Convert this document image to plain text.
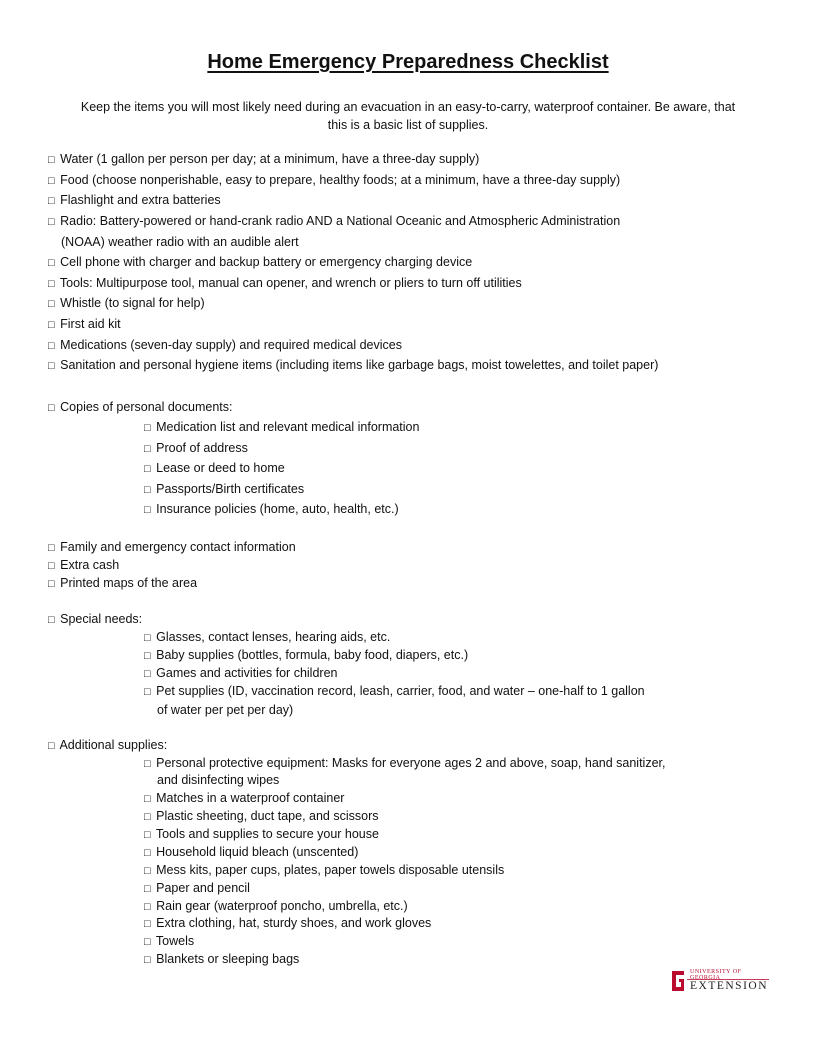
Home Emergency Preparedness Checklist
Keep the items you will most likely need during an evacuation in an easy-to-carry, waterproof container. Be aware, that
this is a basic list of supplies.
□ Water (1 gallon per person per day; at a minimum, have a three-day supply)
□ Food (choose nonperishable, easy to prepare, healthy foods; at a minimum, have a three-day supply)
□ Flashlight and extra batteries
□ Radio: Battery-powered or hand-crank radio AND a National Oceanic and Atmospheric Administration
(NOAA) weather radio with an audible alert
□ Cell phone with charger and backup battery or emergency charging device
□ Tools: Multipurpose tool, manual can opener, and wrench or pliers to turn off utilities
□ Whistle (to signal for help)
□ First aid kit
□ Medications (seven-day supply) and required medical devices
□ Sanitation and personal hygiene items (including items like garbage bags, moist towelettes, and toilet paper)
□ Copies of personal documents:
□ Medication list and relevant medical information
□ Proof of address
□ Lease or deed to home
□ Passports/Birth certificates
□ Insurance policies (home, auto, health, etc.)
□ Family and emergency contact information
□ Extra cash
□ Printed maps of the area
□ Special needs:
□ Glasses, contact lenses, hearing aids, etc.
□ Baby supplies (bottles, formula, baby food, diapers, etc.)
□ Games and activities for children
□ Pet supplies (ID, vaccination record, leash, carrier, food, and water – one-half to 1 gallon
of water per pet per day)
□ Additional supplies:
□ Personal protective equipment: Masks for everyone ages 2 and above, soap, hand sanitizer,
and disinfecting wipes
□ Matches in a waterproof container
□ Plastic sheeting, duct tape, and scissors
□ Tools and supplies to secure your house
□ Household liquid bleach (unscented)
□ Mess kits, paper cups, plates, paper towels disposable utensils
□ Paper and pencil
□ Rain gear (waterproof poncho, umbrella, etc.)
□ Extra clothing, hat, sturdy shoes, and work gloves
□ Towels
□ Blankets or sleeping bags
UNIVERSITY OF GEORGIA
EXTENSION
